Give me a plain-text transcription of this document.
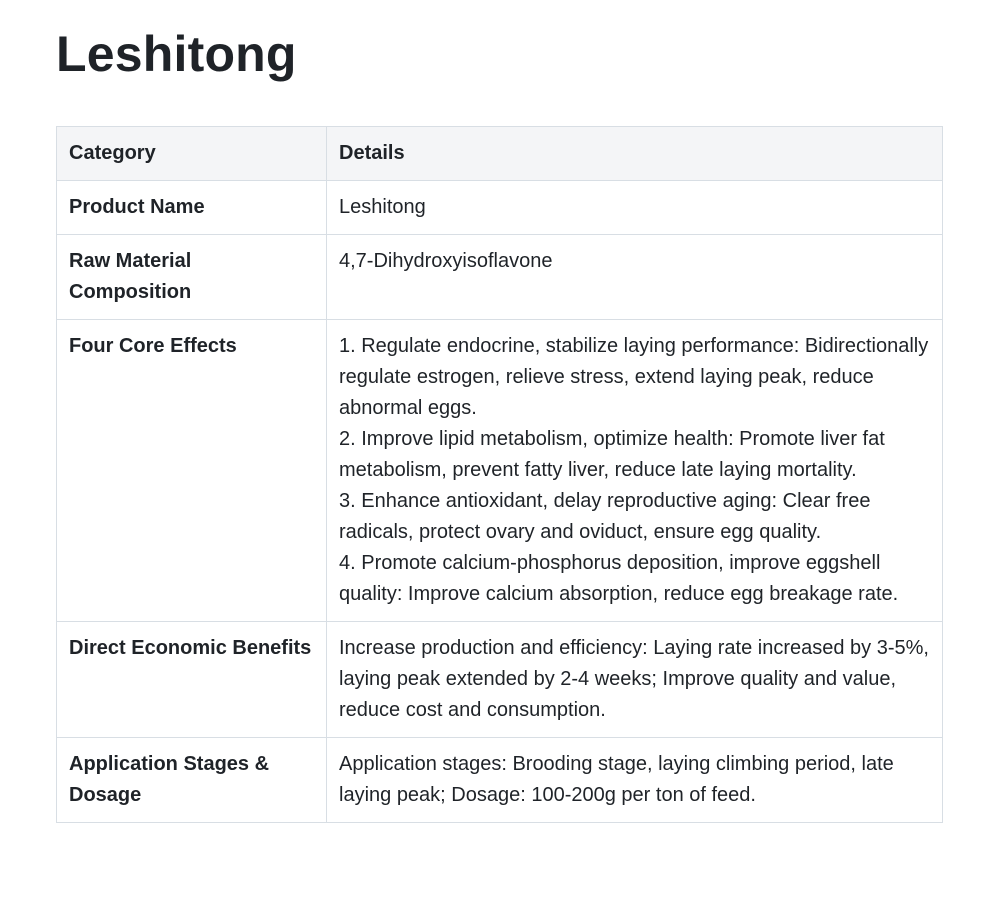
Leshitong
Category	Details
Product Name	Leshitong

Raw Material Composition	4,7-Dihydroxyisoflavone

Four Core Effects	1. Regulate endocrine, stabilize laying performance: Bidirectionally regulate estrogen, relieve stress, extend laying peak, reduce abnormal eggs.
2. Improve lipid metabolism, optimize health: Promote liver fat metabolism, prevent fatty liver, reduce late laying mortality.
3. Enhance antioxidant, delay reproductive aging: Clear free radicals, protect ovary and oviduct, ensure egg quality.
4. Promote calcium-phosphorus deposition, improve eggshell quality: Improve calcium absorption, reduce egg breakage rate.

Direct Economic Benefits	Increase production and efficiency: Laying rate increased by 3-5%, laying peak extended by 2-4 weeks; Improve quality and value, reduce cost and consumption.

Application Stages & Dosage	Application stages: Brooding stage, laying climbing period, late laying peak; Dosage: 100-200g per ton of feed.
